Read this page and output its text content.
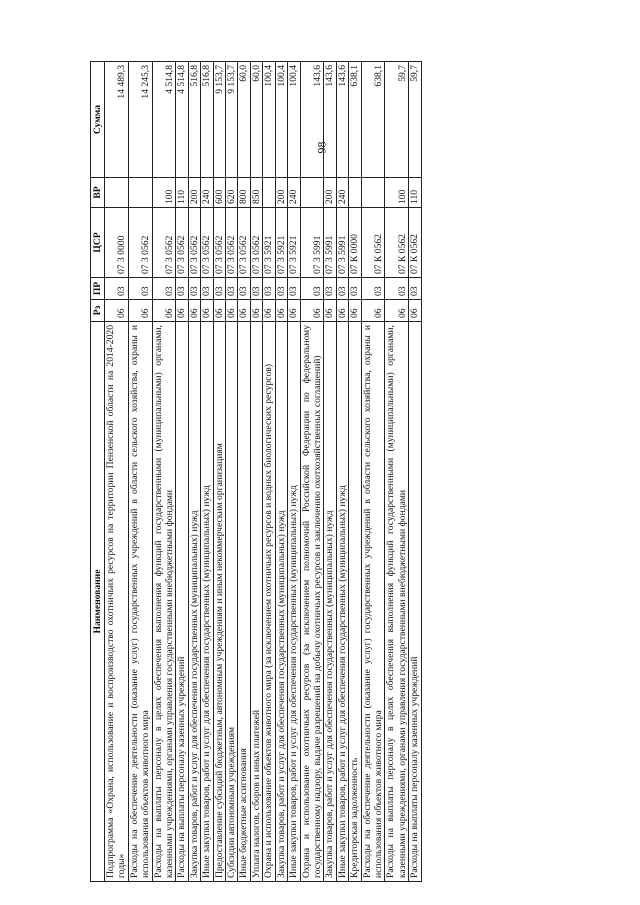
98
Наименование	Рз	ПР	ЦСР	ВР	Сумма
Подпрограмма «Охрана, использование и воспроизводство охотничьих ресурсов на территории Пензенской области на 2014-2020 годы»	06	03	07 3 0000		14 489,3
Расходы на обеспечение деятельности (оказание услуг) государственных учреждений в области сельского хозяйства, охраны и использования объектов животного мира	06	03	07 3 0562		14 245,3
Расходы на выплаты персоналу в целях обеспечения выполнения функций государственными (муниципальными) органами, казенными учреждениями, органами управления государственными внебюджетными фондами	06	03	07 3 0562	100	4 514,8
Расходы на выплаты персоналу казенных учреждений	06	03	07 3 0562	110	4 514,8
Закупка товаров, работ и услуг для обеспечения государственных (муниципальных) нужд	06	03	07 3 0562	200	516,8
Иные закупки товаров, работ и услуг для обеспечения государственных (муниципальных) нужд	06	03	07 3 0562	240	516,8
Предоставление субсидий бюджетным, автономным учреждениям и иным некоммерческим организациям	06	03	07 3 0562	600	9 153,7
Субсидии автономным учреждениям	06	03	07 3 0562	620	9 153,7
Иные бюджетные ассигнования	06	03	07 3 0562	800	60,0
Уплата налогов, сборов и иных платежей	06	03	07 3 0562	850	60,0
Охрана и использование объектов животного мира (за исключением охотничьих ресурсов и водных биологических ресурсов)	06	03	07 3 5921		100,4
Закупка товаров, работ и услуг для обеспечения государственных (муниципальных) нужд	06	03	07 3 5921	200	100,4
Иные закупки товаров, работ и услуг для обеспечения государственных (муниципальных) нужд	06	03	07 3 5921	240	100,4
Охрана и использование охотничьих ресурсов (за исключением полномочий Российской Федерации по федеральному государственному надзору, выдаче разрешений на добычу охотничьих ресурсов и заключению охотхозяйственных соглашений)	06	03	07 3 5991		143,6
Закупка товаров, работ и услуг для обеспечения государственных (муниципальных) нужд	06	03	07 3 5991	200	143,6
Иные закупки товаров, работ и услуг для обеспечения государственных (муниципальных) нужд	06	03	07 3 5991	240	143,6
Кредиторская задолженность	06	03	07 К 0000		638,1
Расходы на обеспечение деятельности (оказание услуг) государственных учреждений в области сельского хозяйства, охраны и использования объектов животного мира	06	03	07 К 0562		638,1
Расходы на выплаты персоналу в целях обеспечения выполнения функций государственными (муниципальными) органами, казенными учреждениями, органами управления государственными внебюджетными фондами	06	03	07 К 0562	100	59,7
Расходы на выплаты персоналу казенных учреждений	06	03	07 К 0562	110	59,7
